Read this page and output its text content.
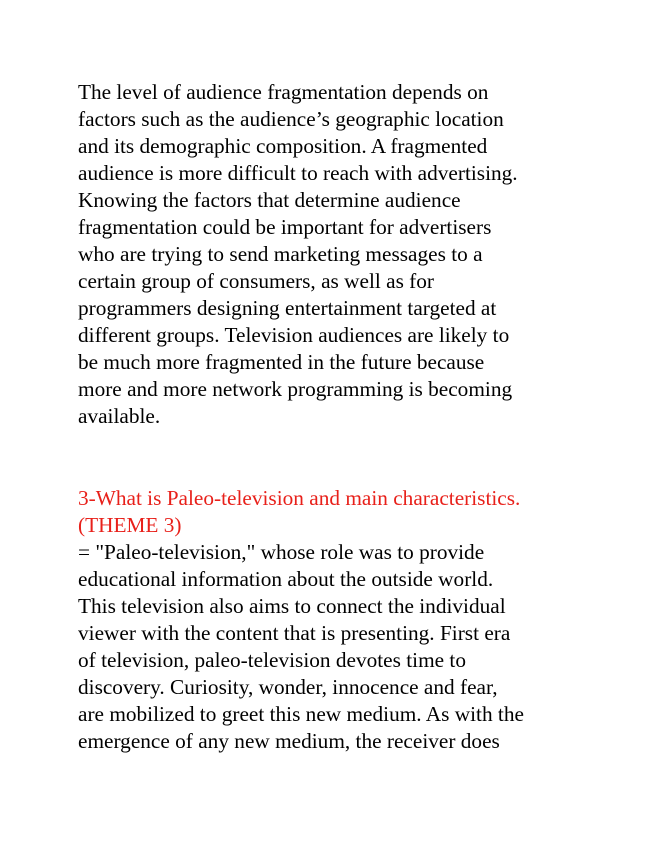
The level of audience fragmentation depends on
factors such as the audience’s geographic location
and its demographic composition. A fragmented
audience is more difficult to reach with advertising.
Knowing the factors that determine audience
fragmentation could be important for advertisers
who are trying to send marketing messages to a
certain group of consumers, as well as for
programmers designing entertainment targeted at
different groups. Television audiences are likely to
be much more fragmented in the future because
more and more network programming is becoming
available.
3-What is Paleo-television and main characteristics.
(THEME 3)
= "Paleo-television," whose role was to provide
educational information about the outside world.
This television also aims to connect the individual
viewer with the content that is presenting. First era
of television, paleo-television devotes time to
discovery. Curiosity, wonder, innocence and fear,
are mobilized to greet this new medium. As with the
emergence of any new medium, the receiver does
